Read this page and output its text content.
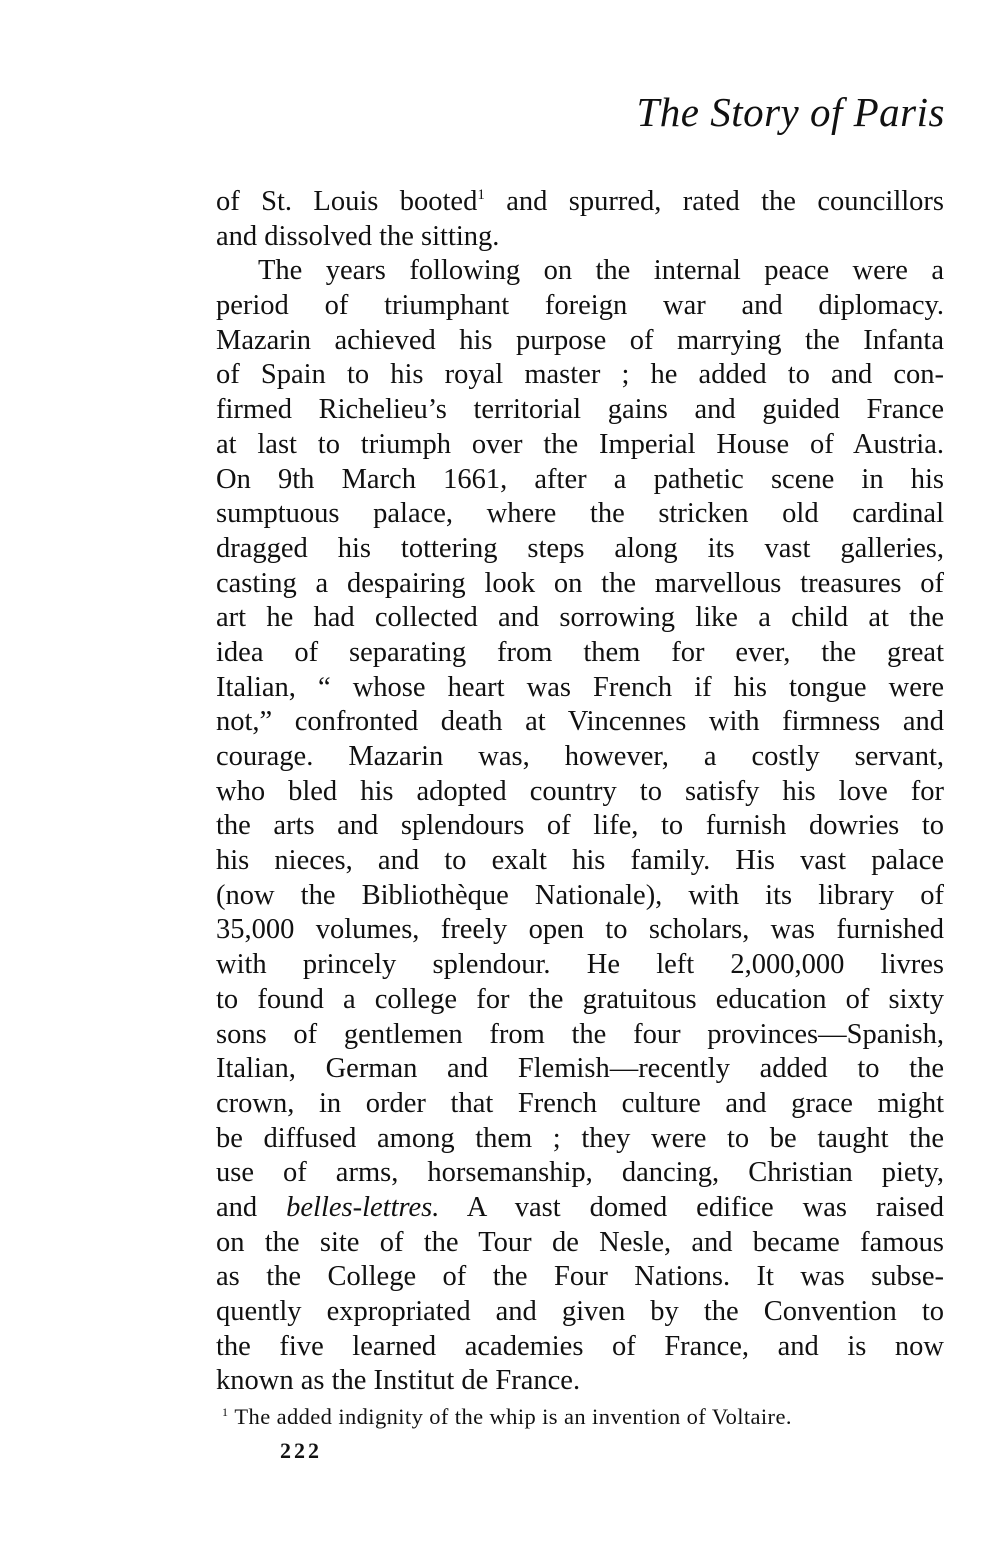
The Story of Paris
of St. Louis booted$^1$ and spurred, rated the councillors
and dissolved the sitting.
The years following on the internal peace were a
period of triumphant foreign war and diplomacy.
Mazarin achieved his purpose of marrying the Infanta
of Spain to his royal master ; he added to and con-
firmed Richelieu’s territorial gains and guided France
at last to triumph over the Imperial House of Austria.
On 9th March 1661, after a pathetic scene in his
sumptuous palace, where the stricken old cardinal
dragged his tottering steps along its vast galleries,
casting a despairing look on the marvellous treasures of
art he had collected and sorrowing like a child at the
idea of separating from them for ever, the great
Italian, “ whose heart was French if his tongue were
not,” confronted death at Vincennes with firmness and
courage. Mazarin was, however, a costly servant,
who bled his adopted country to satisfy his love for
the arts and splendours of life, to furnish dowries to
his nieces, and to exalt his family. His vast palace
(now the Bibliothèque Nationale), with its library of
35,000 volumes, freely open to scholars, was furnished
with princely splendour. He left 2,000,000 livres
to found a college for the gratuitous education of sixty
sons of gentlemen from the four provinces—Spanish,
Italian, German and Flemish—recently added to the
crown, in order that French culture and grace might
be diffused among them ; they were to be taught the
use of arms, horsemanship, dancing, Christian piety,
and belles-lettres. A vast domed edifice was raised
on the site of the Tour de Nesle, and became famous
as the College of the Four Nations. It was subse-
quently expropriated and given by the Convention to
the five learned academies of France, and is now
known as the Institut de France.
$^1$ The added indignity of the whip is an invention of Voltaire.
222
